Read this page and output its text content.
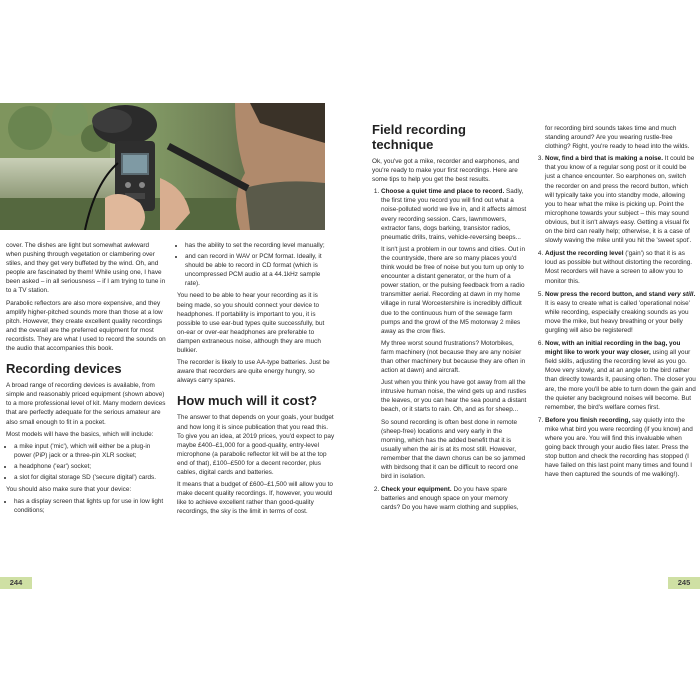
cover. The dishes are light but somewhat awkward when pushing through vegetation or clambering over stiles, and they get very buffeted by the wind. Oh, and people are fascinated by them! While using one, I have been asked – in all seriousness – if I am trying to tune in to a TV station.

Parabolic reflectors are also more expensive, and they amplify higher-pitched sounds more than those at a low pitch. However, they create excellent quality recordings and the overall are the preferred equipment for most recordists. They are what I used to record the sounds on the audio that accompanies this book.

Recording devices

A broad range of recording devices is available, from simple and reasonably priced equipment (shown above) to a more professional level of kit. Many modern devices that are perfectly adequate for the serious amateur are also small enough to fit in a pocket.

Most models will have the basics, which will include:

• a mike input ('mic'), which will either be a plug-in power (PiP) jack or a three-pin XLR socket;
• a headphone ('ear') socket;
• a slot for digital storage SD ('secure digital') cards.

You should also make sure that your device:

• has a display screen that lights up for use in low light conditions;
• has the ability to set the recording level manually;
• and can record in WAV or PCM format. Ideally, it should be able to record in CD format (which is uncompressed PCM audio at a 44.1kHz sample rate).

You need to be able to hear your recording as it is being made, so you should connect your device to headphones. If portability is important to you, it is possible to use ear-bud types quite successfully, but on-ear or over-ear headphones are preferable to dampen extraneous noise, although they are much bulkier.

The recorder is likely to use AA-type batteries. Just be aware that recorders are quite energy hungry, so always carry spares.

How much will it cost?

The answer to that depends on your goals, your budget and how long it is since publication that you read this. To give you an idea, at 2019 prices, you'd expect to pay maybe £400–£1,000 for a good-quality, entry-level microphone (a parabolic reflector kit will be at the top end of that), £100–£500 for a decent recorder, plus cables, digital cards and batteries.

It means that a budget of £600–£1,500 will allow you to make decent quality recordings. If, however, you would like to achieve excellent rather than good-quality recordings, the sky is the limit in terms of cost.

Field recording technique

Ok, you've got a mike, recorder and earphones, and you're ready to make your first recordings. Here are some tips to help you get the best results.

1. Choose a quiet time and place to record. Sadly, the first time you record you will find out what a noise-polluted world we live in, and it affects almost every recording session. Cars, lawnmowers, extractor fans, dogs barking, transistor radios, pneumatic drills, trains, vehicle-reversing beeps...

It isn't just a problem in our towns and cities. Out in the countryside, there are so many places you'd think would be free of noise but you turn up only to encounter a distant generator, or the hum of a power station, or the pulsing feedback from a radio transmitter aerial. Recording at dawn in my home village in rural Worcestershire is incredibly difficult due to the continuous hum of the sewage farm pumps and the growl of the M5 motorway 2 miles away as the crow flies.

My three worst sound frustrations? Motorbikes, farm machinery (not because they are any noisier than other machinery but because they are often in action at dawn) and aircraft.

Just when you think you have got away from all the intrusive human noise, the wind gets up and rustles the leaves, or you can hear the sea pound a distant beach, or it starts to rain. Oh, and as for sheep...

So sound recording is often best done in remote (sheep-free) locations and very early in the morning, which has the added benefit that it is usually when the air is at its most still. However, remember that the dawn chorus can be so jammed with birdsong that it can be difficult to record one bird in isolation.

2. Check your equipment. Do you have spare batteries and enough space on your memory cards? Do you have warm clothing and supplies,

for recording bird sounds takes time and much standing around? Are you wearing rustle-free clothing? Right, you're ready to head into the wilds.

3. Now, find a bird that is making a noise. It could be that you know of a regular song post or it could be just a chance encounter. So earphones on, switch the recorder on and press the record button, which will typically take you into standby mode, allowing you to hear what the mike is picking up. Point the microphone towards your subject – this may sound obvious, but it isn't always easy. Getting a visual fix on the bird can really help; otherwise, it is a case of slowly waving the mike until you hit the 'sweet spot'.
4. Adjust the recording level ('gain') so that it is as loud as possible but without distorting the recording. Most recorders will have a screen to allow you to monitor this.
5. Now press the record button, and stand very still. It is easy to create what is called 'operational noise' while recording, especially creaking sounds as you move the mike, but heavy breathing or your belly gurgling will also be registered!
6. Now, with an initial recording in the bag, you might like to work your way closer, using all your field skills, adjusting the recording level as you go. Move very slowly, and at an angle to the bird rather than directly towards it, pausing often. The closer you are, the more you'll be able to turn down the gain and the quieter any background noises will become. But remember, the bird's welfare comes first.
7. Before you finish recording, say quietly into the mike what bird you were recording (if you know) and where you are. You will find this invaluable when going back through your audio files later. Press the stop button and check the recording has stopped (I have failed on this last point many times and found I have then captured the sounds of me walking!).
244	245
